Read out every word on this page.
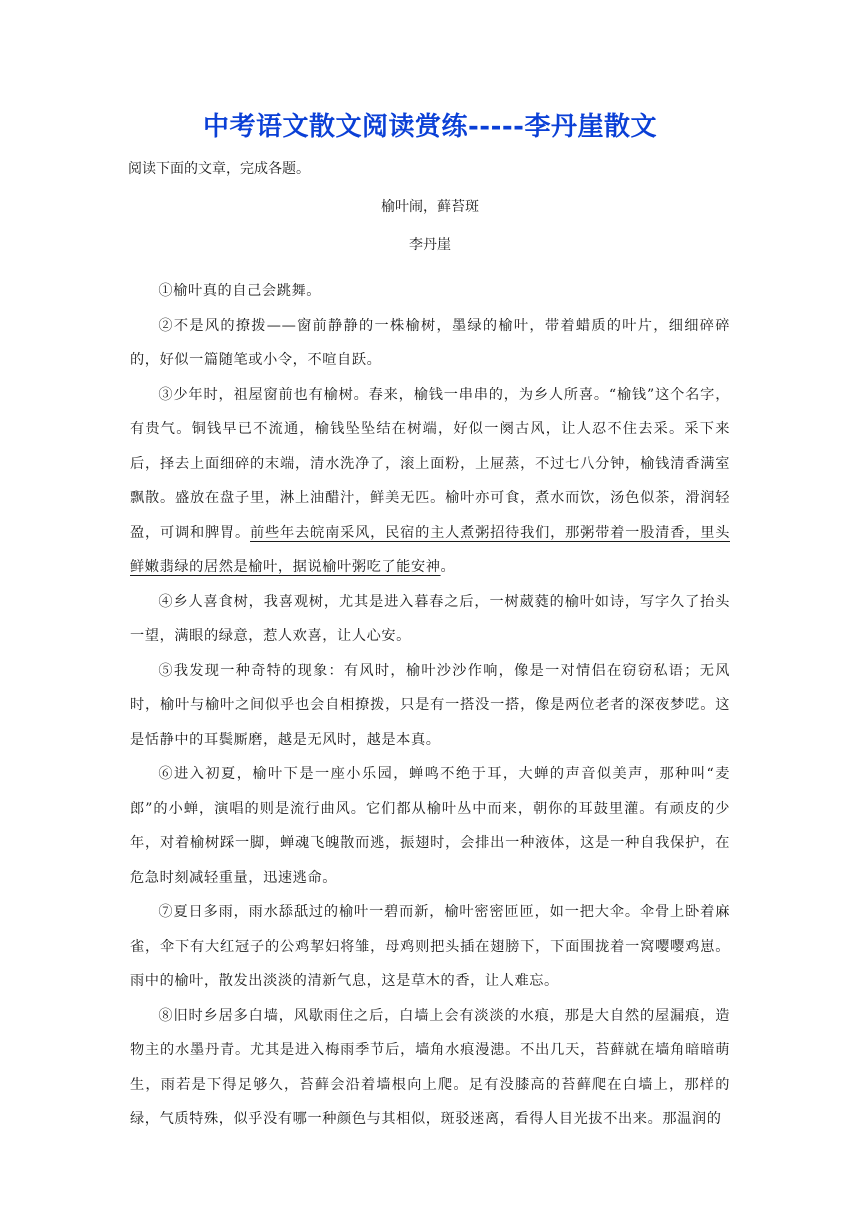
中考语文散文阅读赏练-----李丹崖散文

阅读下面的文章，完成各题。

榆叶闹，藓苔斑

李丹崖

①榆叶真的自己会跳舞。

②不是风的撩拨——窗前静静的一株榆树，墨绿的榆叶，带着蜡质的叶片，细细碎碎的，好似一篇随笔或小令，不喧自跃。

③少年时，祖屋窗前也有榆树。春来，榆钱一串串的，为乡人所喜。“榆钱”这个名字，有贵气。铜钱早已不流通，榆钱坠坠结在树端，好似一阕古风，让人忍不住去采。采下来后，择去上面细碎的末端，清水洗净了，滚上面粉，上屉蒸，不过七八分钟，榆钱清香满室飘散。盛放在盘子里，淋上油醋汁，鲜美无匹。榆叶亦可食，煮水而饮，汤色似茶，滑润轻盈，可调和脾胃。前些年去皖南采风，民宿的主人煮粥招待我们，那粥带着一股清香，里头鲜嫩翡绿的居然是榆叶，据说榆叶粥吃了能安神。

④乡人喜食树，我喜观树，尤其是进入暮春之后，一树葳蕤的榆叶如诗，写字久了抬头一望，满眼的绿意，惹人欢喜，让人心安。

⑤我发现一种奇特的现象：有风时，榆叶沙沙作响，像是一对情侣在窃窃私语；无风时，榆叶与榆叶之间似乎也会自相撩拨，只是有一搭没一搭，像是两位老者的深夜梦呓。这是恬静中的耳鬓厮磨，越是无风时，越是本真。

⑥进入初夏，榆叶下是一座小乐园，蝉鸣不绝于耳，大蝉的声音似美声，那种叫“麦郎”的小蝉，演唱的则是流行曲风。它们都从榆叶丛中而来，朝你的耳鼓里灌。有顽皮的少年，对着榆树踩一脚，蝉魂飞魄散而逃，振翅时，会排出一种液体，这是一种自我保护，在危急时刻减轻重量，迅速逃命。

⑦夏日多雨，雨水舔舐过的榆叶一碧而新，榆叶密密匝匝，如一把大伞。伞骨上卧着麻雀，伞下有大红冠子的公鸡挈妇将雏，母鸡则把头插在翅膀下，下面围拢着一窝嘤嘤鸡崽。雨中的榆叶，散发出淡淡的清新气息，这是草木的香，让人难忘。

⑧旧时乡居多白墙，风歇雨住之后，白墙上会有淡淡的水痕，那是大自然的屋漏痕，造物主的水墨丹青。尤其是进入梅雨季节后，墙角水痕漫漶。不出几天，苔藓就在墙角暗暗萌生，雨若是下得足够久，苔藓会沿着墙根向上爬。足有没膝高的苔藓爬在白墙上，那样的绿，气质特殊，似乎没有哪一种颜色与其相似，斑驳迷离，看得人目光拔不出来。那温润的
